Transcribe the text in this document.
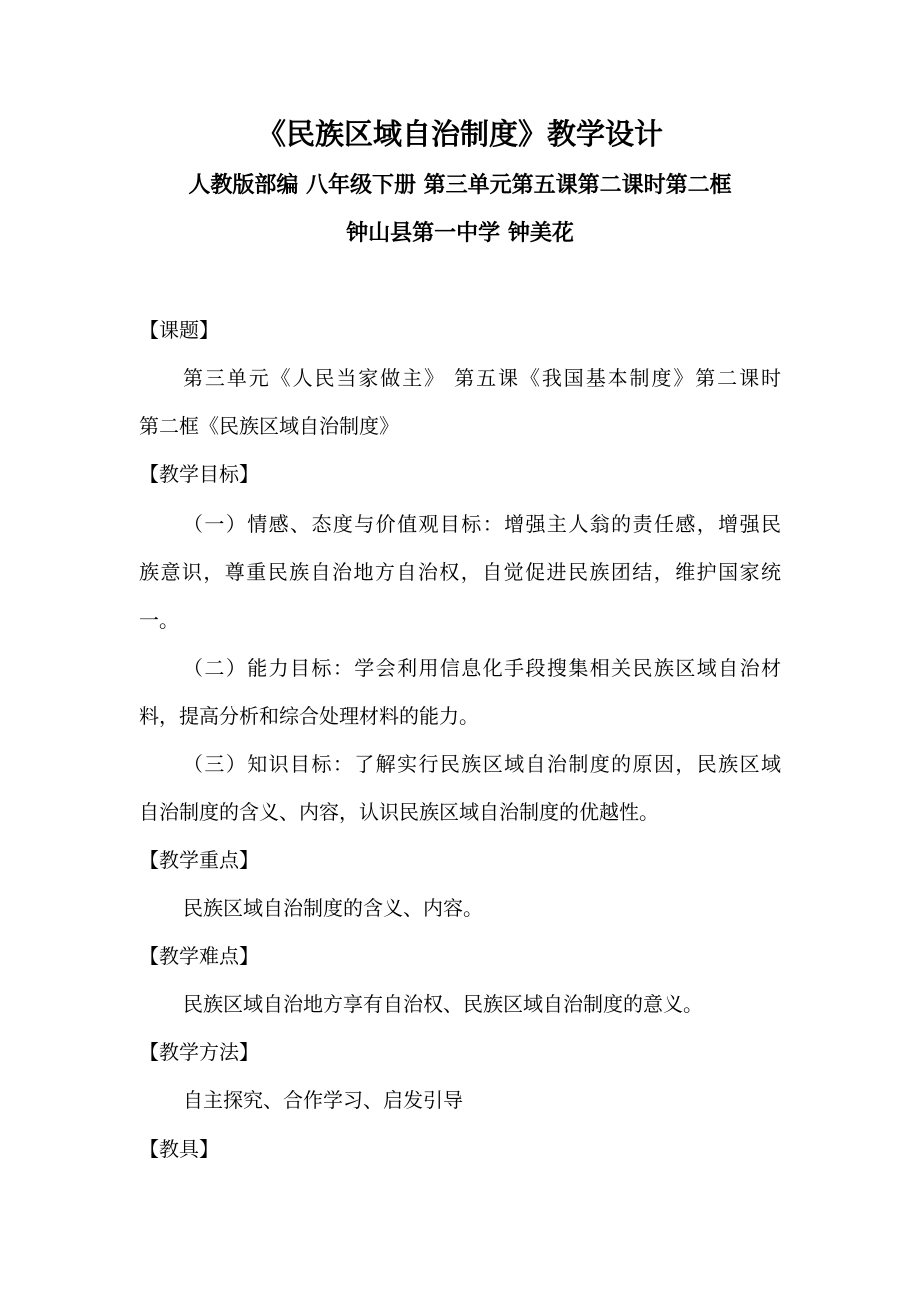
《民族区域自治制度》教学设计
人教版部编 八年级下册 第三单元第五课第二课时第二框
钟山县第一中学 钟美花
【课题】
第三单元《人民当家做主》 第五课《我国基本制度》第二课时
第二框《民族区域自治制度》
【教学目标】
（一）情感、态度与价值观目标：增强主人翁的责任感，增强民
族意识，尊重民族自治地方自治权，自觉促进民族团结，维护国家统
一。
（二）能力目标：学会利用信息化手段搜集相关民族区域自治材
料，提高分析和综合处理材料的能力。
（三）知识目标：了解实行民族区域自治制度的原因，民族区域
自治制度的含义、内容，认识民族区域自治制度的优越性。
【教学重点】
民族区域自治制度的含义、内容。
【教学难点】
民族区域自治地方享有自治权、民族区域自治制度的意义。
【教学方法】
自主探究、合作学习、启发引导
【教具】
